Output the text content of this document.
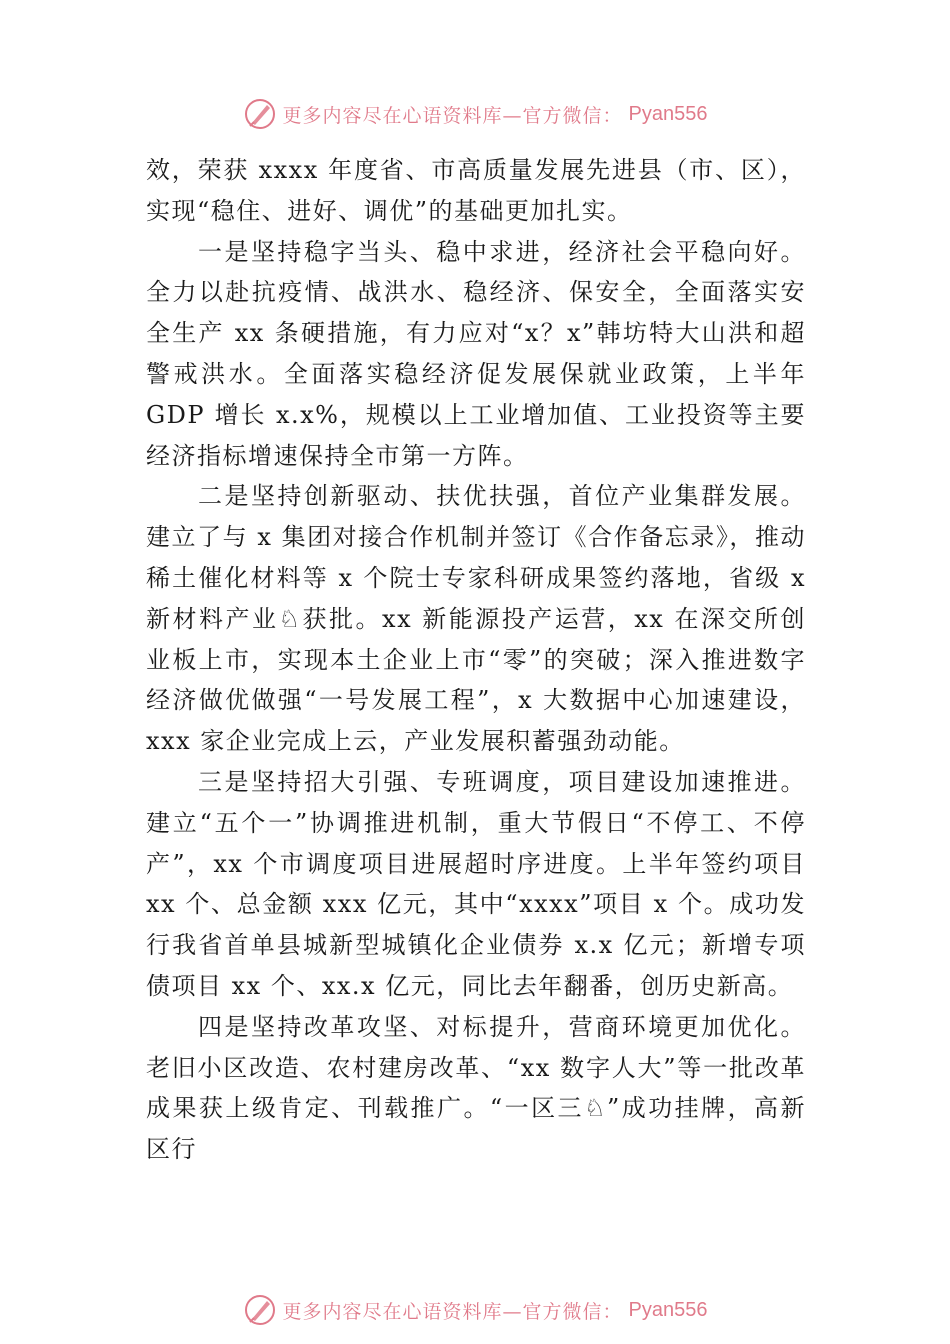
更多内容尽在心语资料库—官方微信： Pyan556

效，荣获 xxxx 年度省、市高质量发展先进县（市、区），实现“稳住、进好、调优”的基础更加扎实。

一是坚持稳字当头、稳中求进，经济社会平稳向好。全力以赴抗疫情、战洪水、稳经济、保安全，全面落实安全生产 xx 条硬措施，有力应对“x？x”韩坊特大山洪和超警戒洪水。全面落实稳经济促发展保就业政策，上半年 GDP 增长 x.x%，规模以上工业增加值、工业投资等主要经济指标增速保持全市第一方阵。

二是坚持创新驱动、扶优扶强，首位产业集群发展。建立了与 x 集团对接合作机制并签订《合作备忘录》，推动稀土催化材料等 x 个院士专家科研成果签约落地，省级 x 新材料产业♘获批。xx 新能源投产运营，xx 在深交所创业板上市，实现本土企业上市“零”的突破；深入推进数字经济做优做强“一号发展工程”，x 大数据中心加速建设，xxx 家企业完成上云，产业发展积蓄强劲动能。

三是坚持招大引强、专班调度，项目建设加速推进。建立“五个一”协调推进机制，重大节假日“不停工、不停产”，xx 个市调度项目进展超时序进度。上半年签约项目 xx 个、总金额 xxx 亿元，其中“xxxx”项目 x 个。成功发行我省首单县城新型城镇化企业债券 x.x 亿元；新增专项债项目 xx 个、xx.x 亿元，同比去年翻番，创历史新高。

四是坚持改革攻坚、对标提升，营商环境更加优化。老旧小区改造、农村建房改革、“xx 数字人大”等一批改革成果获上级肯定、刊载推广。“一区三♘”成功挂牌，高新区行

更多内容尽在心语资料库—官方微信： Pyan556
